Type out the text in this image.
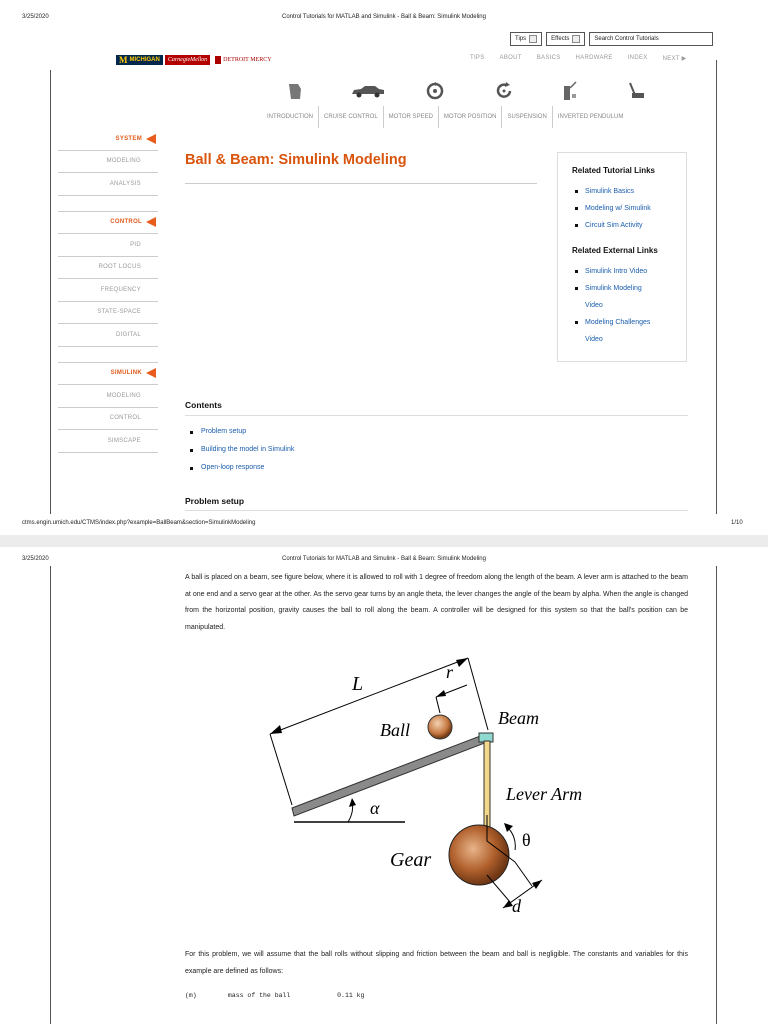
3/25/2020	Control Tutorials for MATLAB and Simulink - Ball & Beam: Simulink Modeling
Tips	Effects	Search Control Tutorials
M MICHIGAN	CarnegieMellon	DETROIT MERCY	TIPS	ABOUT	BASICS	HARDWARE	INDEX	NEXT ▶
INTRODUCTION	CRUISE CONTROL	MOTOR SPEED	MOTOR POSITION	SUSPENSION	INVERTED PENDULUM
SYSTEM
MODELING
ANALYSIS
CONTROL
PID
ROOT LOCUS
FREQUENCY
STATE-SPACE
DIGITAL
SIMULINK
MODELING
CONTROL
SIMSCAPE
Ball & Beam: Simulink Modeling
Related Tutorial Links
Simulink Basics
Modeling w/ Simulink
Circuit Sim Activity
Related External Links
Simulink Intro Video
Simulink Modeling
Video
Modeling Challenges
Video
Contents
Problem setup
Building the model in Simulink
Open-loop response
Problem setup
ctms.engin.umich.edu/CTMS/index.php?example=BallBeam&section=SimulinkModeling	1/10
3/25/2020	Control Tutorials for MATLAB and Simulink - Ball & Beam: Simulink Modeling
A ball is placed on a beam, see figure below, where it is allowed to roll with 1 degree of freedom along the length of the beam. A lever arm is attached to the beam at one end and a servo gear at the other. As the servo gear turns by an angle theta, the lever changes the angle of the beam by alpha. When the angle is changed from the horizontal position, gravity causes the ball to roll along the beam. A controller will be designed for this system so that the ball's position can be manipulated.
L
r
Ball
Beam
Lever Arm
α
θ
Gear
d
For this problem, we will assume that the ball rolls without slipping and friction between the beam and ball is negligible. The constants and variables for this example are defined as follows:
(m)	mass of the ball	0.11 kg
